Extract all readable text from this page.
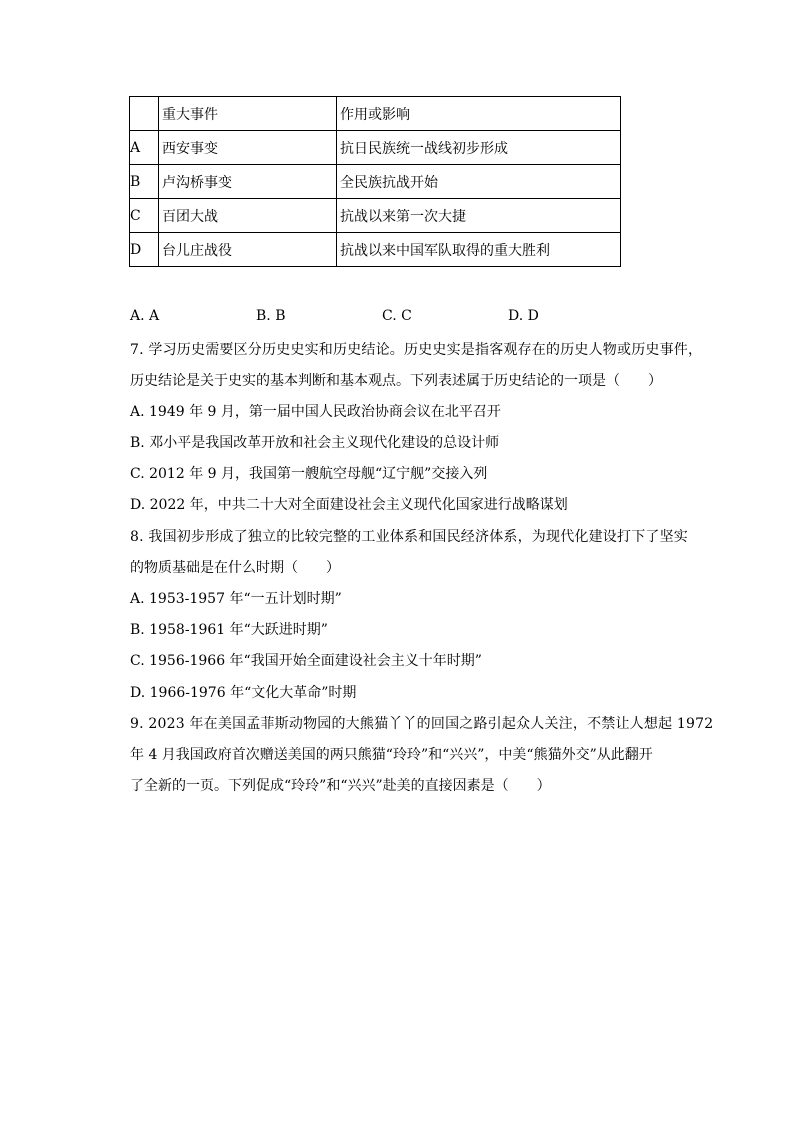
	重大事件	作用或影响
A	西安事变	抗日民族统一战线初步形成
B	卢沟桥事变	全民族抗战开始
C	百团大战	抗战以来第一次大捷
D	台儿庄战役	抗战以来中国军队取得的重大胜利
A. A	B. B	C. C	D. D
7. 学习历史需要区分历史史实和历史结论。历史史实是指客观存在的历史人物或历史事件，
历史结论是关于史实的基本判断和基本观点。下列表述属于历史结论的一项是（　　）
A. 1949 年 9 月，第一届中国人民政治协商会议在北平召开
B. 邓小平是我国改革开放和社会主义现代化建设的总设计师
C. 2012 年 9 月，我国第一艘航空母舰“辽宁舰”交接入列
D. 2022 年，中共二十大对全面建设社会主义现代化国家进行战略谋划
8. 我国初步形成了独立的比较完整的工业体系和国民经济体系，为现代化建设打下了坚实
的物质基础是在什么时期（　　）
A. 1953-1957 年“一五计划时期”
B. 1958-1961 年“大跃进时期”
C. 1956-1966 年“我国开始全面建设社会主义十年时期”
D. 1966-1976 年“文化大革命”时期
9. 2023 年在美国孟菲斯动物园的大熊猫丫丫的回国之路引起众人关注，不禁让人想起 1972
年 4 月我国政府首次赠送美国的两只熊猫“玲玲”和“兴兴”，中美“熊猫外交”从此翻开
了全新的一页。下列促成“玲玲”和“兴兴”赴美的直接因素是（　　）
